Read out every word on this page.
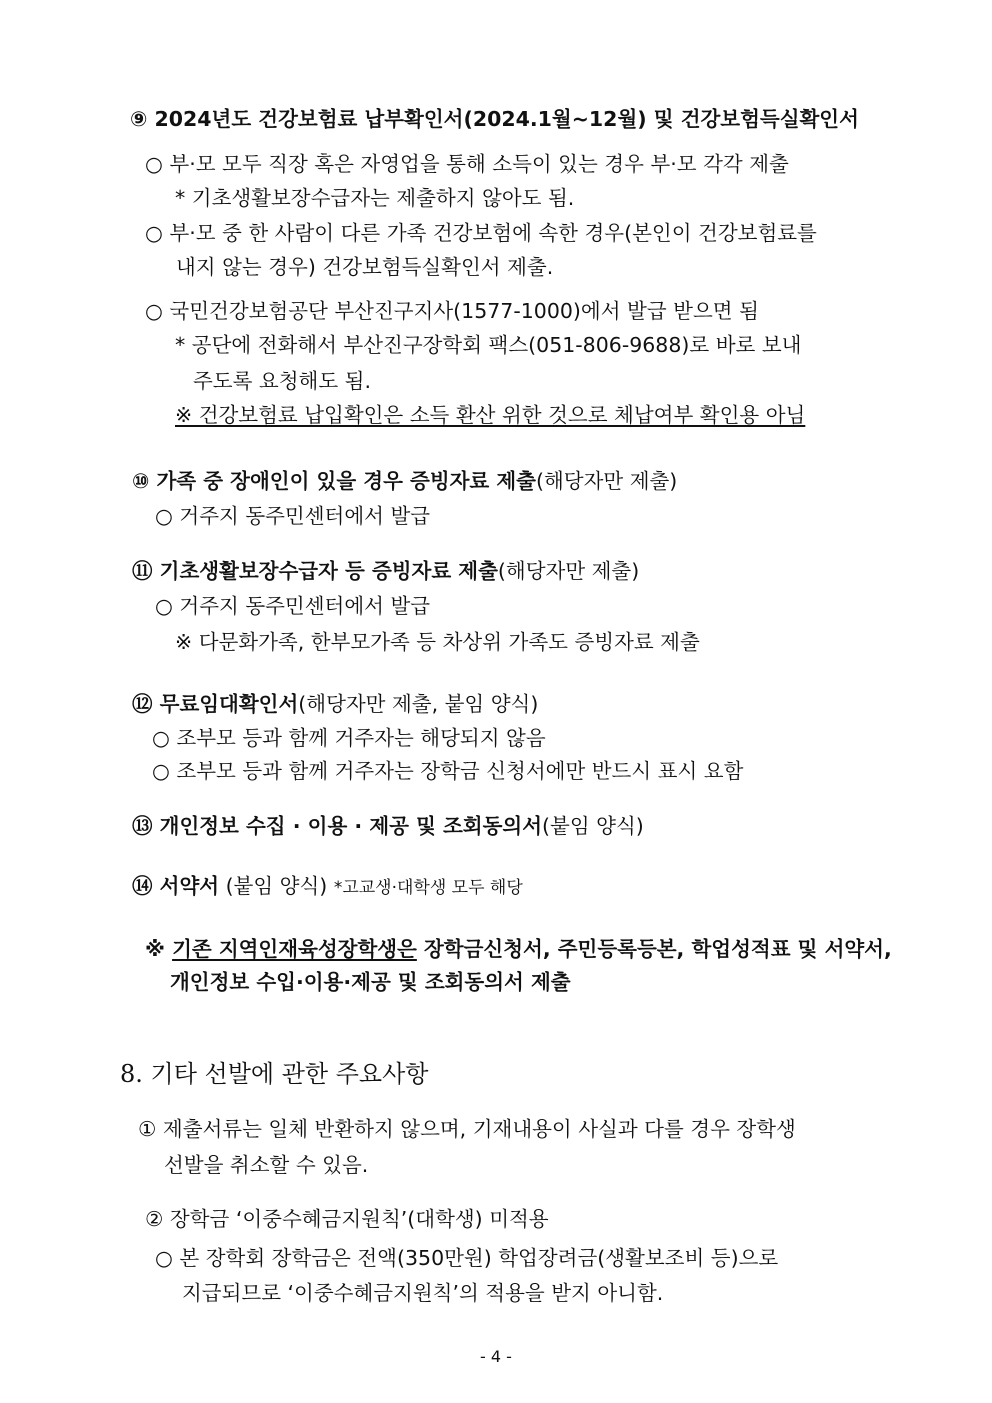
⑨ 2024년도 건강보험료 납부확인서(2024.1월~12월) 및 건강보험득실확인서
○ 부·모 모두 직장 혹은 자영업을 통해 소득이 있는 경우 부·모 각각 제출
* 기초생활보장수급자는 제출하지 않아도 됨.
○ 부·모 중 한 사람이 다른 가족 건강보험에 속한 경우(본인이 건강보험료를
내지 않는 경우) 건강보험득실확인서 제출.
○ 국민건강보험공단 부산진구지사(1577-1000)에서 발급 받으면 됨
* 공단에 전화해서 부산진구장학회 팩스(051-806-9688)로 바로 보내
주도록 요청해도 됨.
※ 건강보험료 납입확인은 소득 환산 위한 것으로 체납여부 확인용 아님
⑩ 가족 중 장애인이 있을 경우 증빙자료 제출(해당자만 제출)
○ 거주지 동주민센터에서 발급
⑪ 기초생활보장수급자 등 증빙자료 제출(해당자만 제출)
○ 거주지 동주민센터에서 발급
※ 다문화가족, 한부모가족 등 차상위 가족도 증빙자료 제출
⑫ 무료임대확인서(해당자만 제출, 붙임 양식)
○ 조부모 등과 함께 거주자는 해당되지 않음
○ 조부모 등과 함께 거주자는 장학금 신청서에만 반드시 표시 요함
⑬ 개인정보 수집 · 이용 · 제공 및 조회동의서(붙임 양식)
⑭ 서약서 (붙임 양식) *고교생·대학생 모두 해당
※ 기존 지역인재육성장학생은 장학금신청서, 주민등록등본, 학업성적표 및 서약서,
개인정보 수입·이용·제공 및 조회동의서 제출
8. 기타 선발에 관한 주요사항
① 제출서류는 일체 반환하지 않으며, 기재내용이 사실과 다를 경우 장학생
선발을 취소할 수 있음.
② 장학금 ‘이중수혜금지원칙’(대학생) 미적용
○ 본 장학회 장학금은 전액(350만원) 학업장려금(생활보조비 등)으로
지급되므로 ‘이중수혜금지원칙’의 적용을 받지 아니함.
- 4 -
